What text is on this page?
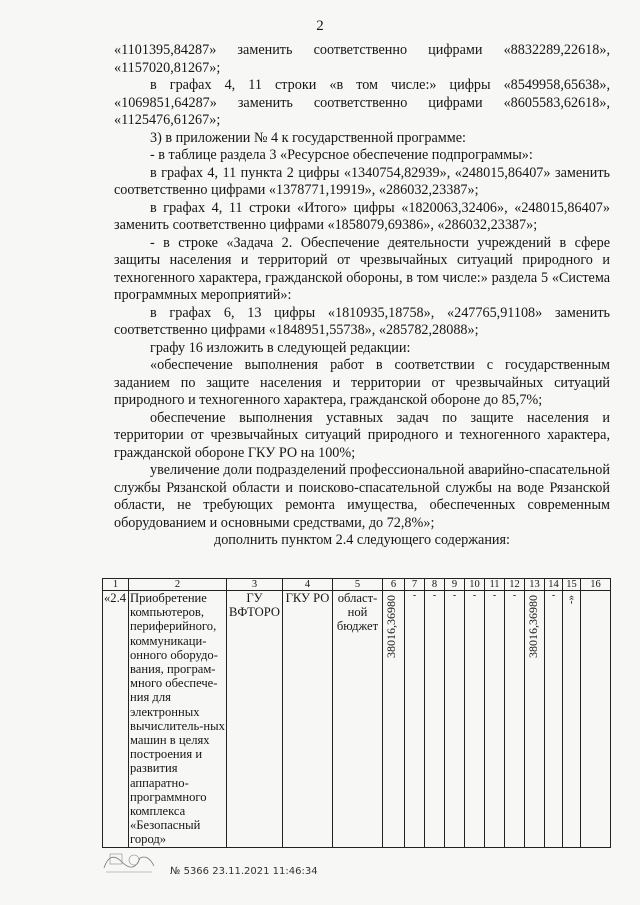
2

«1101395,84287» заменить соответственно цифрами «8832289,22618», «1157020,81267»;

в графах 4, 11 строки «в том числе:» цифры «8549958,65638», «1069851,64287» заменить соответственно цифрами «8605583,62618», «1125476,61267»;

3) в приложении № 4 к государственной программе:

- в таблице раздела 3 «Ресурсное обеспечение подпрограммы»:

в графах 4, 11 пункта 2 цифры «1340754,82939», «248015,86407» заменить соответственно цифрами «1378771,19919», «286032,23387»;

в графах 4, 11 строки «Итого» цифры «1820063,32406», «248015,86407» заменить соответственно цифрами «1858079,69386», «286032,23387»;

- в строке «Задача 2. Обеспечение деятельности учреждений в сфере защиты населения и территорий от чрезвычайных ситуаций природного и техногенного характера, гражданской обороны, в том числе:» раздела 5 «Система программных мероприятий»:

в графах 6, 13 цифры «1810935,18758», «247765,91108» заменить соответственно цифрами «1848951,55738», «285782,28088»;

графу 16 изложить в следующей редакции:

«обеспечение выполнения работ в соответствии с государственным заданием по защите населения и территории от чрезвычайных ситуаций природного и техногенного характера, гражданской обороне до 85,7%;

обеспечение выполнения уставных задач по защите населения и территории от чрезвычайных ситуаций природного и техногенного характера, гражданской обороне ГКУ РО на 100%;

увеличение доли подразделений профессиональной аварийно-спасательной службы Рязанской области и поисково-спасательной службы на воде Рязанской области, не требующих ремонта имущества, обеспеченных современным оборудованием и основными средствами, до 72,8%»;

дополнить пунктом 2.4 следующего содержания:

1	2	3	4	5	6	7	8	9	10	11	12	13	14	15	16
«2.4	Приобретение компьютеров, периферийного, коммуникаци-онного оборудо-вания, програм-много обеспече-ния для электронных вычислитель-ных машин в целях построения и развития аппаратно-программного комплекса «Безопасный город»	ГУ ВФТОРО	ГКУ РО	област-ной бюджет	38016,36980	-	-	-	-	-	-	38016,36980	-	-»	
№ 5366 23.11.2021 11:46:34
